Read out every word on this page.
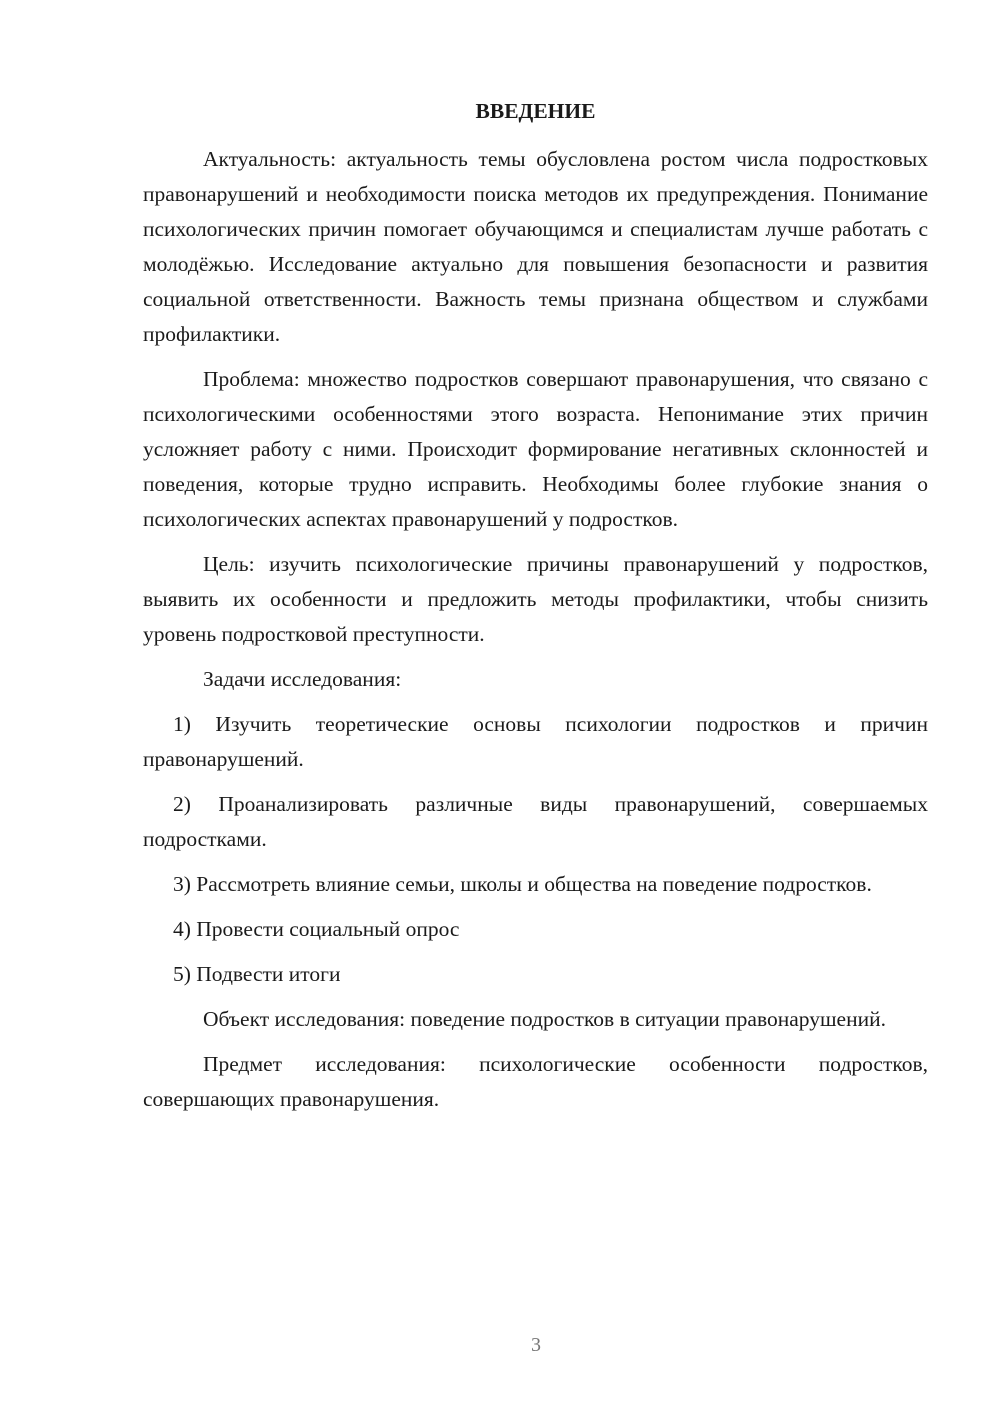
ВВЕДЕНИЕ

Актуальность: актуальность темы обусловлена ростом числа подростковых правонарушений и необходимости поиска методов их предупреждения. Понимание психологических причин помогает обучающимся и специалистам лучше работать с молодёжью. Исследование актуально для повышения безопасности и развития социальной ответственности. Важность темы признана обществом и службами профилактики.

Проблема: множество подростков совершают правонарушения, что связано с психологическими особенностями этого возраста. Непонимание этих причин усложняет работу с ними. Происходит формирование негативных склонностей и поведения, которые трудно исправить. Необходимы более глубокие знания о психологических аспектах правонарушений у подростков.

Цель: изучить психологические причины правонарушений у подростков, выявить их особенности и предложить методы профилактики, чтобы снизить уровень подростковой преступности.

Задачи исследования:

1) Изучить теоретические основы психологии подростков и причин правонарушений.

2) Проанализировать различные виды правонарушений, совершаемых подростками.

3) Рассмотреть влияние семьи, школы и общества на поведение подростков.

4) Провести социальный опрос

5) Подвести итоги

Объект исследования: поведение подростков в ситуации правонарушений.

Предмет исследования: психологические особенности подростков, совершающих правонарушения.

3
